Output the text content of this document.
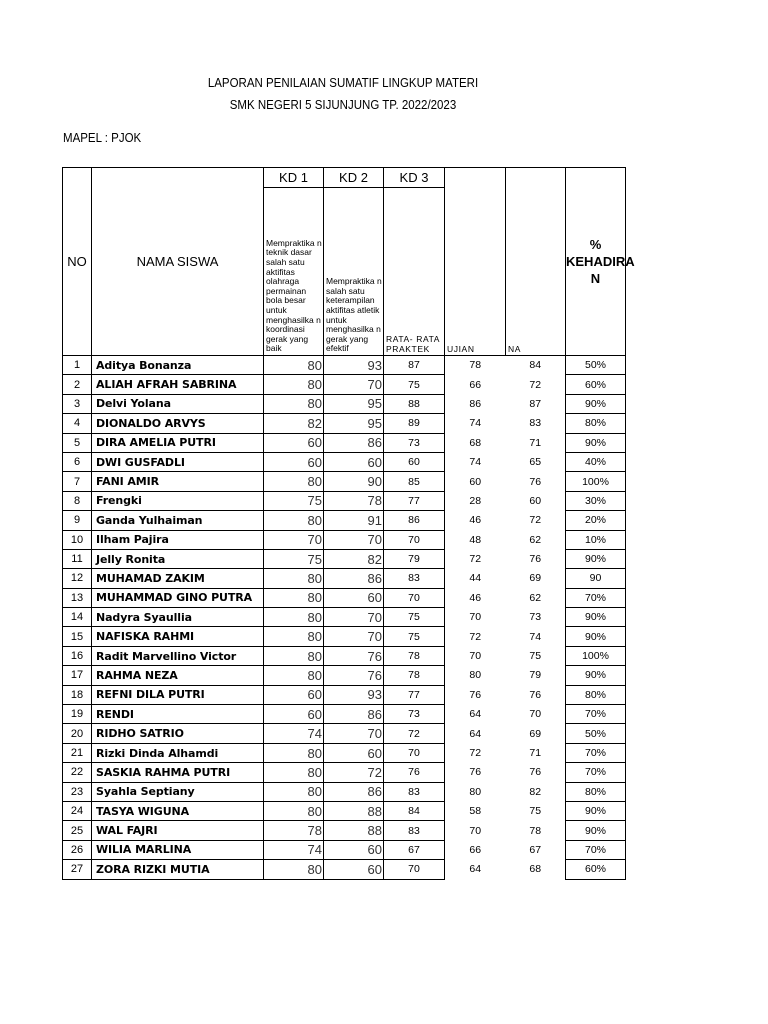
LAPORAN PENILAIAN SUMATIF LINGKUP MATERI
SMK NEGERI 5 SIJUNJUNG TP. 2022/2023
MAPEL : PJOK
NO	NAMA SISWA	KD 1	KD 2	KD 3	UJIAN	NA	% KEHADIRA N
		Mempraktika n teknik dasar salah satu aktifitas olahraga permainan bola besar untuk menghasilka n koordinasi gerak yang baik	Mempraktika n salah satu keterampilan aktifitas atletik untuk menghasilka n gerak yang efektif	RATA- RATA PRAKTEK			
1	Aditya Bonanza	80	93	87	78	84	50%
2	ALIAH AFRAH SABRINA	80	70	75	66	72	60%
3	Delvi Yolana	80	95	88	86	87	90%
4	DIONALDO ARVYS	82	95	89	74	83	80%
5	DIRA AMELIA PUTRI	60	86	73	68	71	90%
6	DWI GUSFADLI	60	60	60	74	65	40%
7	FANI AMIR	80	90	85	60	76	100%
8	Frengki	75	78	77	28	60	30%
9	Ganda Yulhaiman	80	91	86	46	72	20%
10	Ilham Pajira	70	70	70	48	62	10%
11	Jelly Ronita	75	82	79	72	76	90%
12	MUHAMAD ZAKIM	80	86	83	44	69	90
13	MUHAMMAD GINO PUTRA	80	60	70	46	62	70%
14	Nadyra Syaullia	80	70	75	70	73	90%
15	NAFISKA RAHMI	80	70	75	72	74	90%
16	Radit Marvellino Victor	80	76	78	70	75	100%
17	RAHMA NEZA	80	76	78	80	79	90%
18	REFNI DILA PUTRI	60	93	77	76	76	80%
19	RENDI	60	86	73	64	70	70%
20	RIDHO SATRIO	74	70	72	64	69	50%
21	Rizki Dinda Alhamdi	80	60	70	72	71	70%
22	SASKIA RAHMA PUTRI	80	72	76	76	76	70%
23	Syahla Septiany	80	86	83	80	82	80%
24	TASYA WIGUNA	80	88	84	58	75	90%
25	WAL FAJRI	78	88	83	70	78	90%
26	WILIA MARLINA	74	60	67	66	67	70%
27	ZORA RIZKI MUTIA	80	60	70	64	68	60%
